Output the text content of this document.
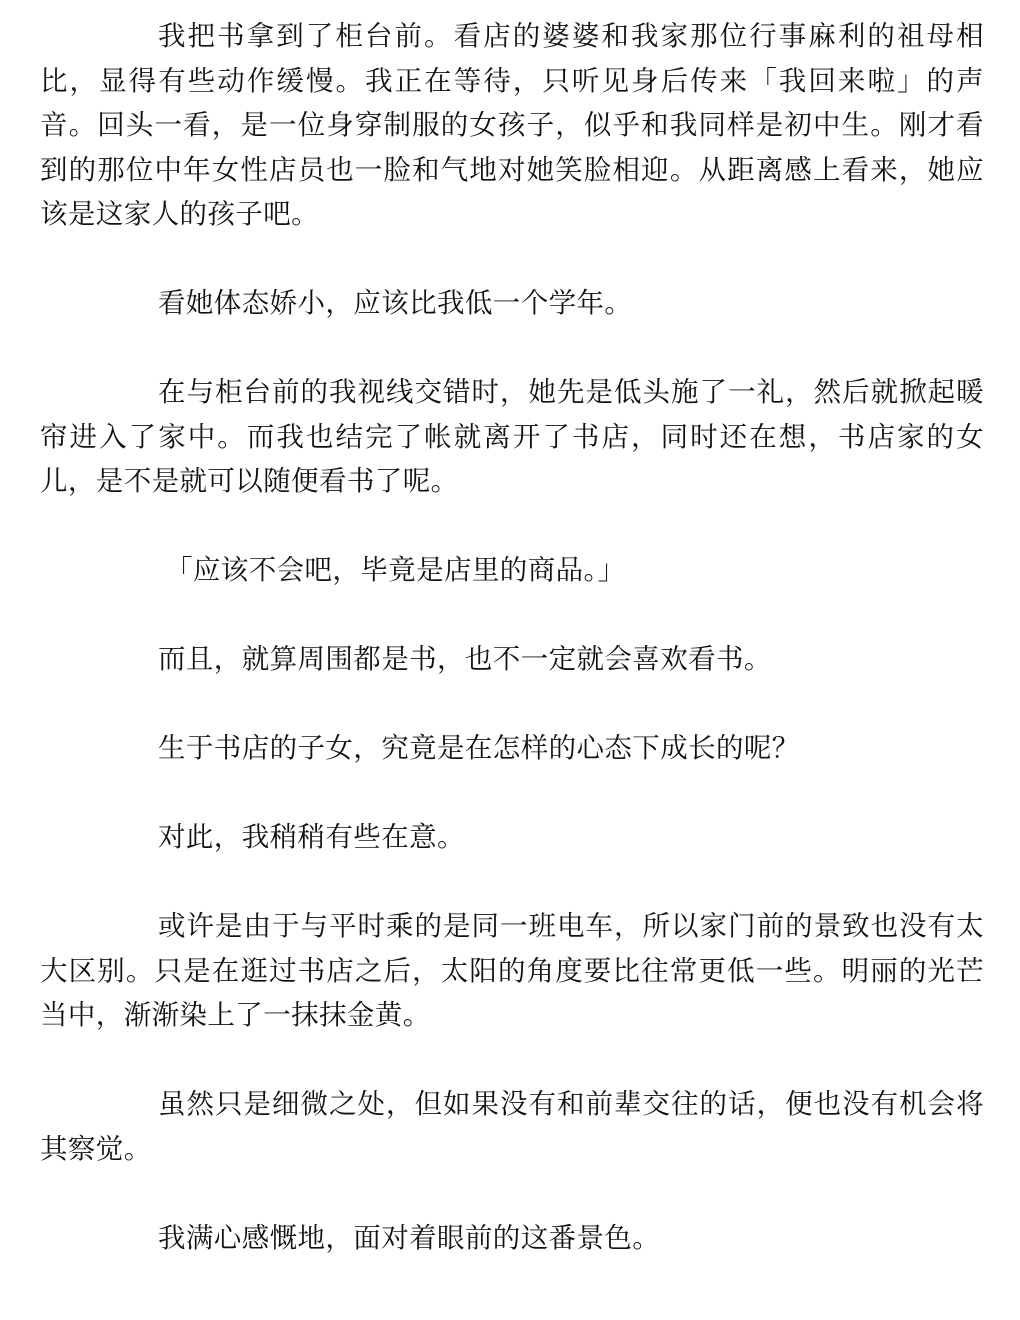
我把书拿到了柜台前。看店的婆婆和我家那位行事麻利的祖母相比，显得有些动作缓慢。我正在等待，只听见身后传来「我回来啦」的声音。回头一看，是一位身穿制服的女孩子，似乎和我同样是初中生。刚才看到的那位中年女性店员也一脸和气地对她笑脸相迎。从距离感上看来，她应该是这家人的孩子吧。

看她体态娇小，应该比我低一个学年。

在与柜台前的我视线交错时，她先是低头施了一礼，然后就掀起暖帘进入了家中。而我也结完了帐就离开了书店，同时还在想，书店家的女儿，是不是就可以随便看书了呢。

「应该不会吧，毕竟是店里的商品。」

而且，就算周围都是书，也不一定就会喜欢看书。

生于书店的子女，究竟是在怎样的心态下成长的呢？

对此，我稍稍有些在意。

或许是由于与平时乘的是同一班电车，所以家门前的景致也没有太大区别。只是在逛过书店之后，太阳的角度要比往常更低一些。明丽的光芒当中，渐渐染上了一抹抹金黄。

虽然只是细微之处，但如果没有和前辈交往的话，便也没有机会将其察觉。

我满心感慨地，面对着眼前的这番景色。
